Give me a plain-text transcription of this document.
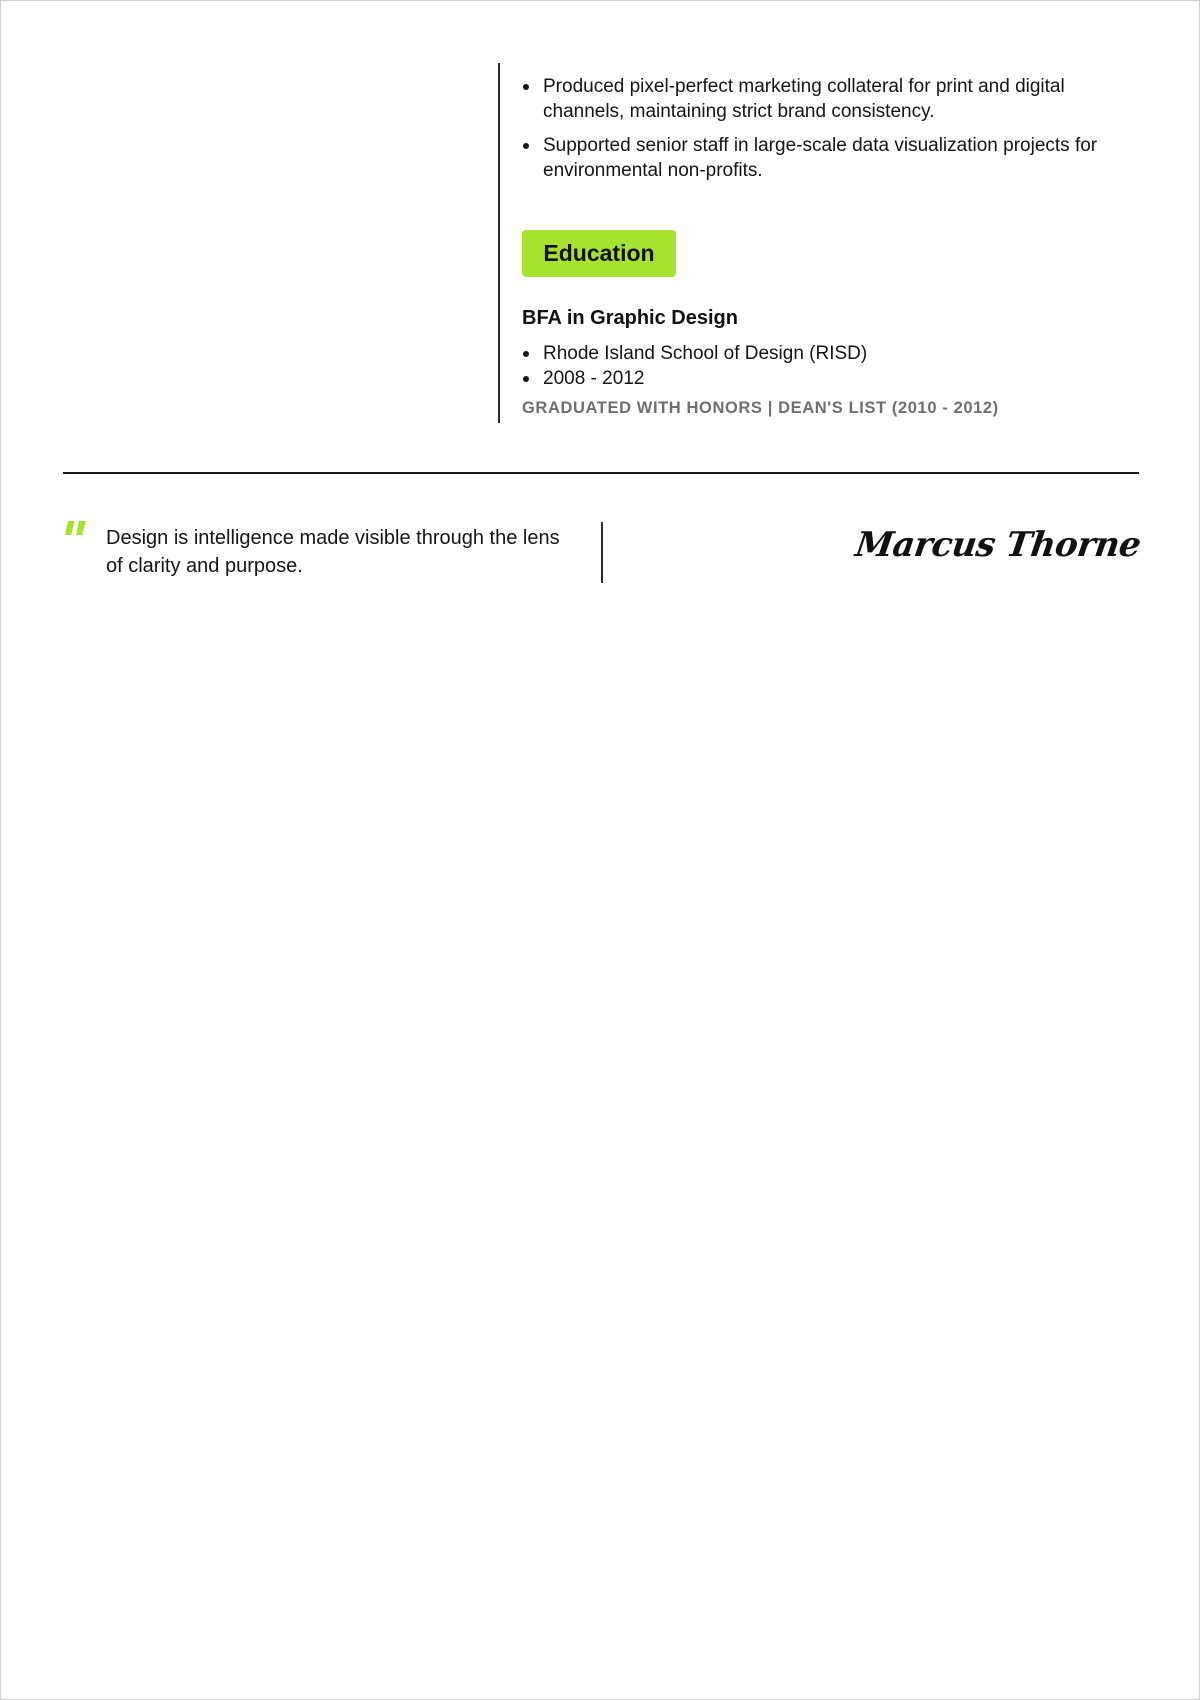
Produced pixel-perfect marketing collateral for print and digital channels, maintaining strict brand consistency.
Supported senior staff in large-scale data visualization projects for environmental non-profits.
Education
BFA in Graphic Design
Rhode Island School of Design (RISD)
2008 - 2012
GRADUATED WITH HONORS | DEAN'S LIST (2010 - 2012)
Design is intelligence made visible through the lens of clarity and purpose.
Marcus Thorne
